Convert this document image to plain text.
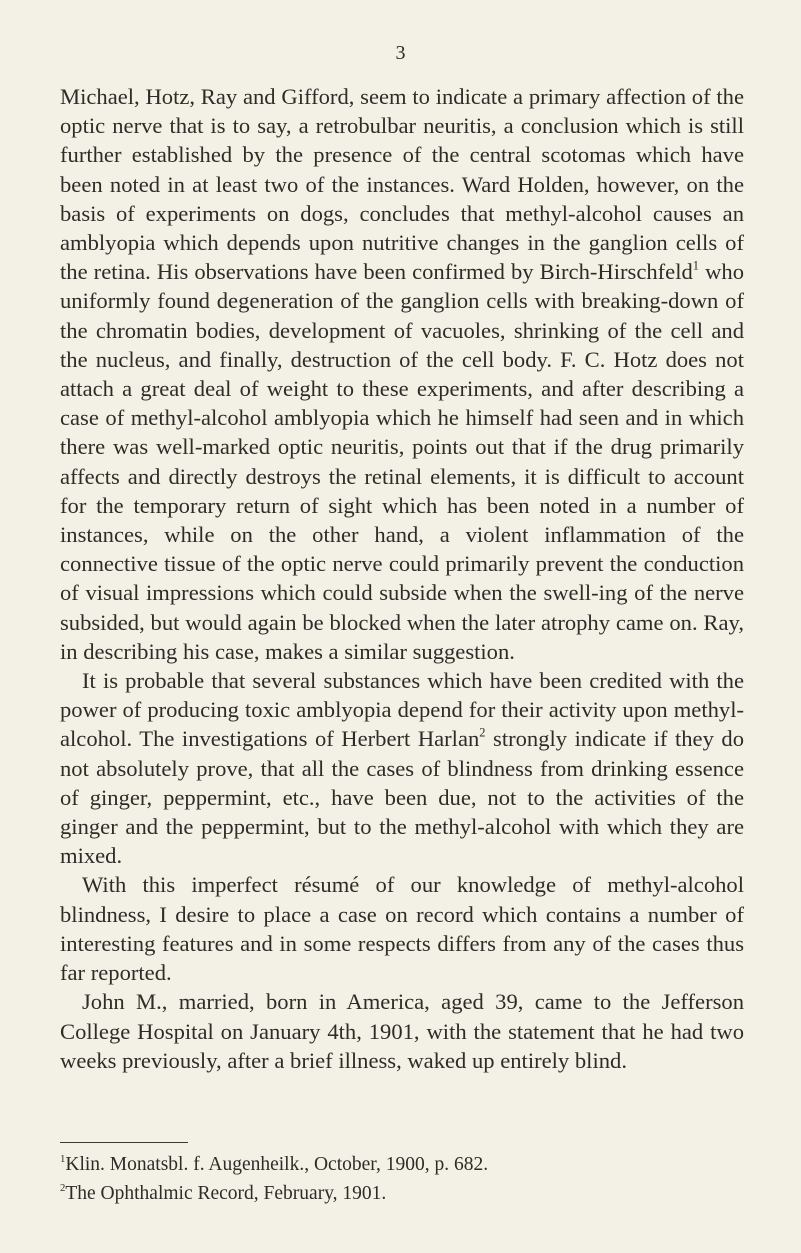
3

Michael, Hotz, Ray and Gifford, seem to indicate a primary affection of the optic nerve that is to say, a retrobulbar neuritis, a conclusion which is still further established by the presence of the central scotomas which have been noted in at least two of the instances. Ward Holden, however, on the basis of experiments on dogs, concludes that methyl-alcohol causes an amblyopia which depends upon nutritive changes in the ganglion cells of the retina. His observations have been confirmed by Birch-Hirschfeld$^1$ who uniformly found degeneration of the ganglion cells with breaking-down of the chromatin bodies, development of vacuoles, shrinking of the cell and the nucleus, and finally, destruction of the cell body. F. C. Hotz does not attach a great deal of weight to these experiments, and after describing a case of methyl-alcohol amblyopia which he himself had seen and in which there was well-marked optic neuritis, points out that if the drug primarily affects and directly destroys the retinal elements, it is difficult to account for the temporary return of sight which has been noted in a number of instances, while on the other hand, a violent inflammation of the connective tissue of the optic nerve could primarily prevent the conduction of visual impressions which could subside when the swell-ing of the nerve subsided, but would again be blocked when the later atrophy came on. Ray, in describing his case, makes a similar suggestion.

It is probable that several substances which have been credited with the power of producing toxic amblyopia depend for their activity upon methyl-alcohol. The investigations of Herbert Harlan$^2$ strongly indicate if they do not absolutely prove, that all the cases of blindness from drinking essence of ginger, peppermint, etc., have been due, not to the activities of the ginger and the peppermint, but to the methyl-alcohol with which they are mixed.

With this imperfect résumé of our knowledge of methyl-alcohol blindness, I desire to place a case on record which contains a number of interesting features and in some respects differs from any of the cases thus far reported.

John M., married, born in America, aged 39, came to the Jefferson College Hospital on January 4th, 1901, with the statement that he had two weeks previously, after a brief illness, waked up entirely blind.

$^1$Klin. Monatsbl. f. Augenheilk., October, 1900, p. 682.
$^2$The Ophthalmic Record, February, 1901.
